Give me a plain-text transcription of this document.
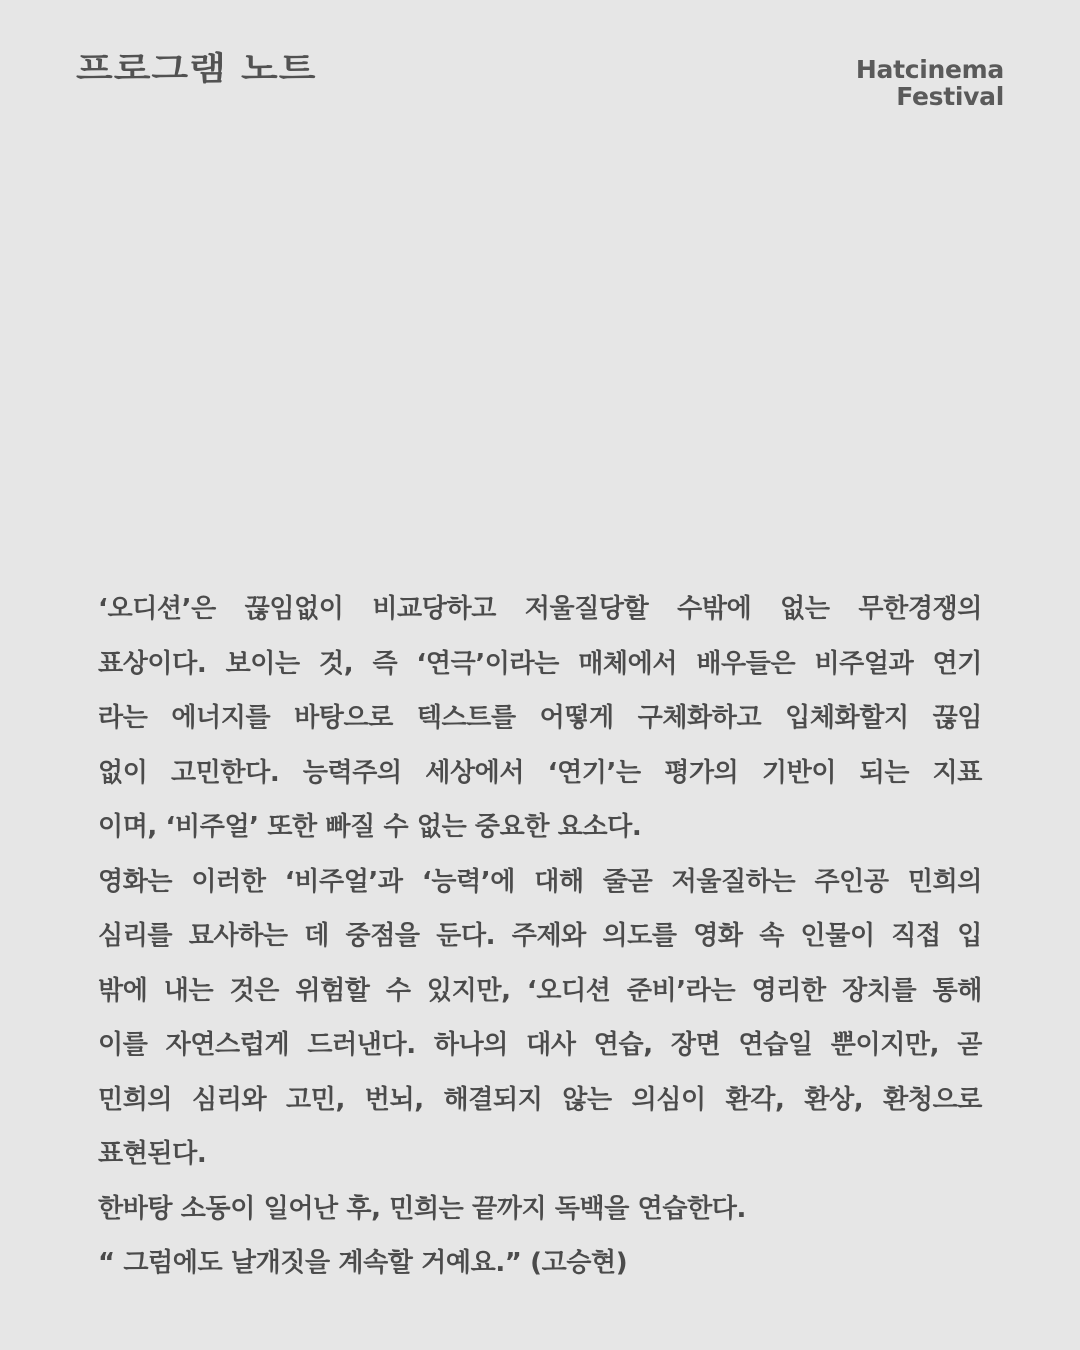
프로그램 노트	Hatcinema
Festival
‘오디션’은 끊임없이 비교당하고 저울질당할 수밖에 없는 무한경쟁의
표상이다. 보이는 것, 즉 ‘연극’이라는 매체에서 배우들은 비주얼과 연기
라는 에너지를 바탕으로 텍스트를 어떻게 구체화하고 입체화할지 끊임
없이 고민한다. 능력주의 세상에서 ‘연기’는 평가의 기반이 되는 지표
이며, ‘비주얼’ 또한 빠질 수 없는 중요한 요소다.
영화는 이러한 ‘비주얼’과 ‘능력’에 대해 줄곧 저울질하는 주인공 민희의
심리를 묘사하는 데 중점을 둔다. 주제와 의도를 영화 속 인물이 직접 입
밖에 내는 것은 위험할 수 있지만, ‘오디션 준비’라는 영리한 장치를 통해
이를 자연스럽게 드러낸다. 하나의 대사 연습, 장면 연습일 뿐이지만, 곧
민희의 심리와 고민, 번뇌, 해결되지 않는 의심이 환각, 환상, 환청으로
표현된다.
한바탕 소동이 일어난 후, 민희는 끝까지 독백을 연습한다.
“ 그럼에도 날개짓을 계속할 거예요.” (고승현)
